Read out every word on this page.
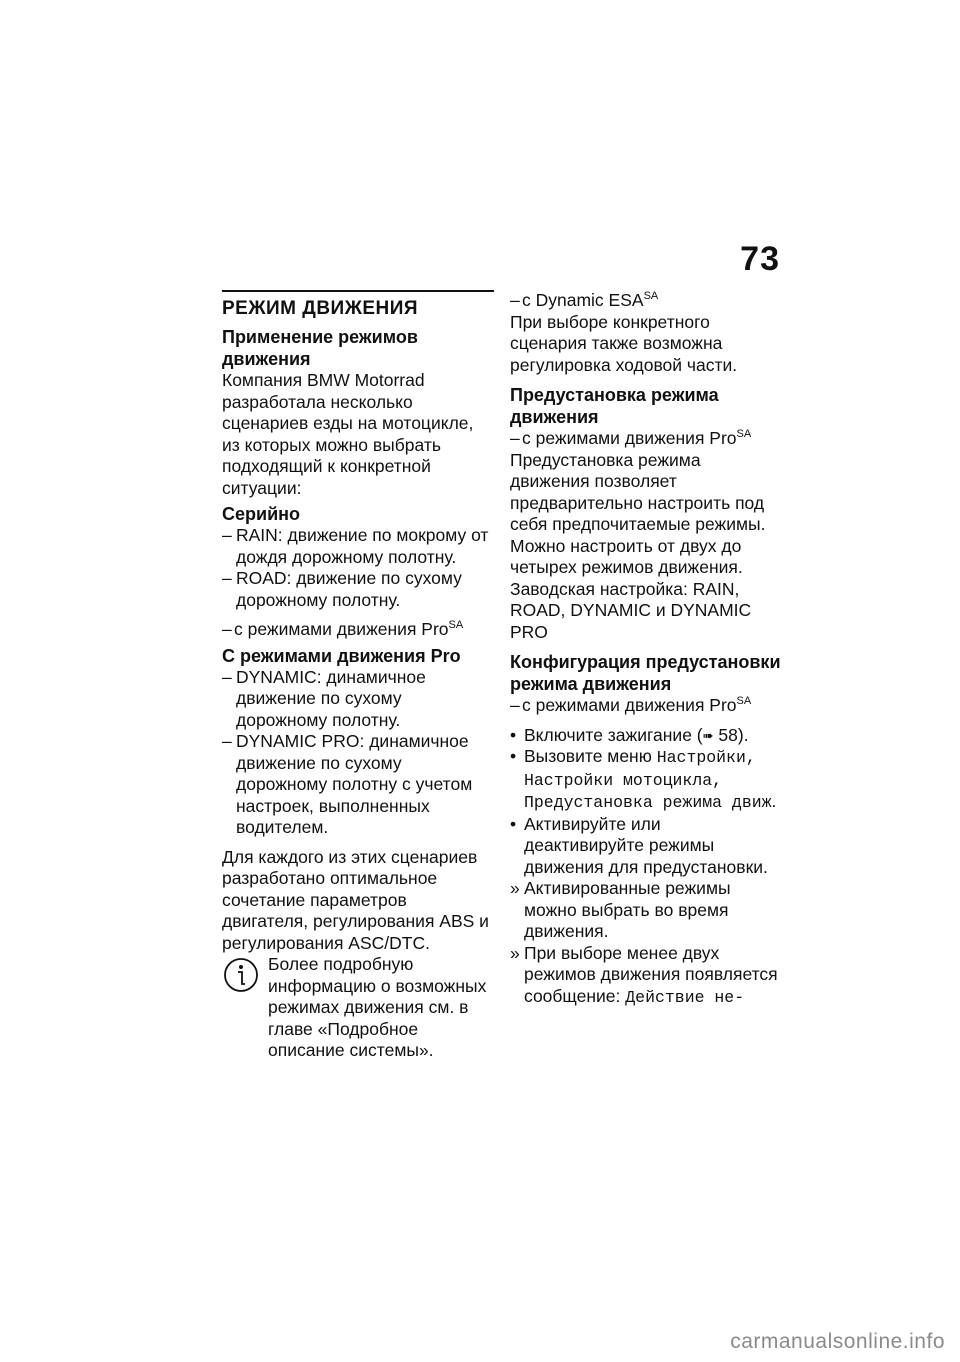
73
РЕЖИМ ДВИЖЕНИЯ
Применение режимов движения
Компания BMW Motorrad разработала несколько сценариев езды на мотоцикле, из которых можно выбрать подходящий к конкретной ситуации:
Серийно
– RAIN: движение по мокрому от дождя дорожному полотну.
– ROAD: движение по сухому дорожному полотну.
– с режимами движения Pro$^{SA}$
С режимами движения Pro
– DYNAMIC: динамичное движение по сухому дорожному полотну.
– DYNAMIC PRO: динамичное движение по сухому дорожному полотну с учетом настроек, выполненных водителем.
Для каждого из этих сценариев разработано оптимальное сочетание параметров двигателя, регулирования ABS и регулирования ASC/DTC.
Более подробную информацию о возможных режимах движения см. в главе «Подробное описание системы».
– с Dynamic $ESA^{SA}$
При выборе конкретного сценария также возможна регулировка ходовой части.
Предустановка режима движения
– с режимами движения Pro$^{SA}$
Предустановка режима движения позволяет предварительно настроить под себя предпочитаемые режимы.
Можно настроить от двух до четырех режимов движения.
Заводская настройка: RAIN, ROAD, DYNAMIC и DYNAMIC PRO
Конфигурация предустановки режима движения
– с режимами движения Pro$^{SA}$
• Включите зажигание (➠ 58).
• Вызовите меню Настройки, Настройки мотоцикла, Предустановка режима движ.
• Активируйте или деактивируйте режимы движения для предустановки.
» Активированные режимы можно выбрать во время движения.
» При выборе менее двух режимов движения появляется сообщение: Действие не-
carmanualsonline.info
